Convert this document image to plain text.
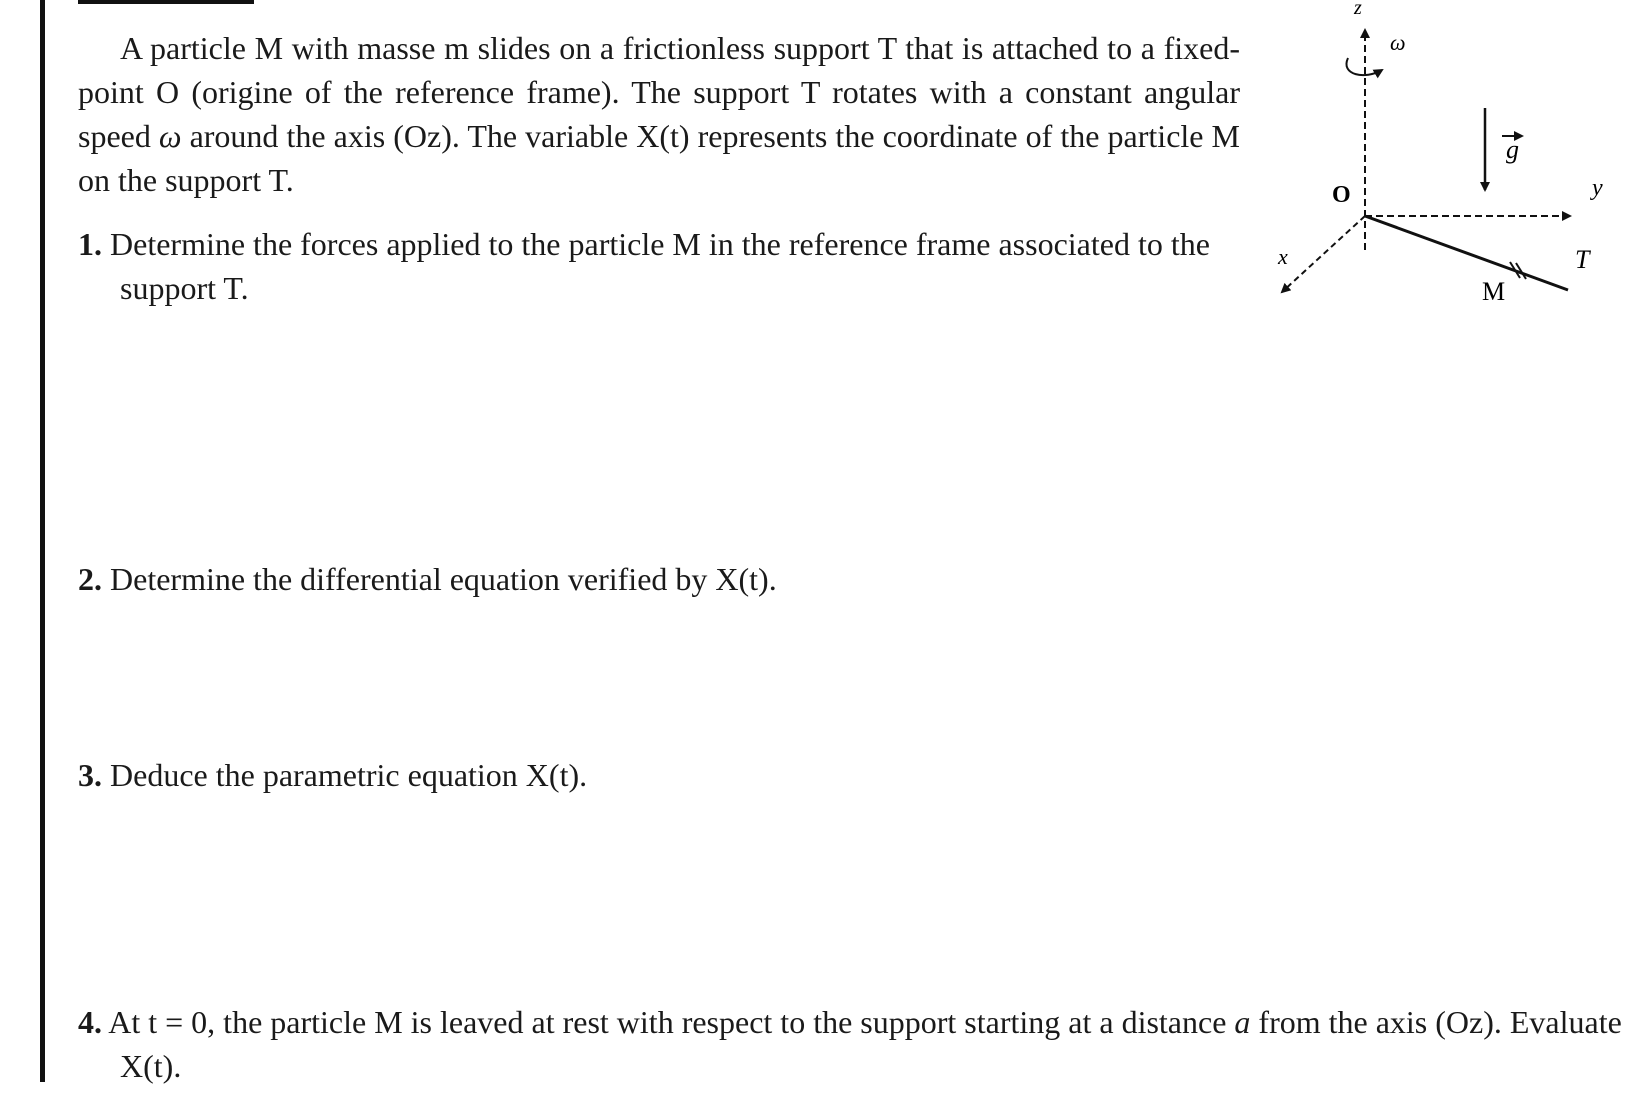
A particle M with masse m slides on a frictionless support T that is attached to a fixed-point O (origine of the reference frame). The support T rotates with a constant angular speed ω around the axis (Oz). The variable X(t) represents the coordinate of the particle M on the support T.
1. Determine the forces applied to the particle M in the reference frame associated to the support T.
2. Determine the differential equation verified by X(t).
3. Deduce the parametric equation X(t).
4. At t = 0, the particle M is leaved at rest with respect to the support starting at a distance a from the axis (Oz). Evaluate X(t).
z
ω
g
O	y
x	T
M
